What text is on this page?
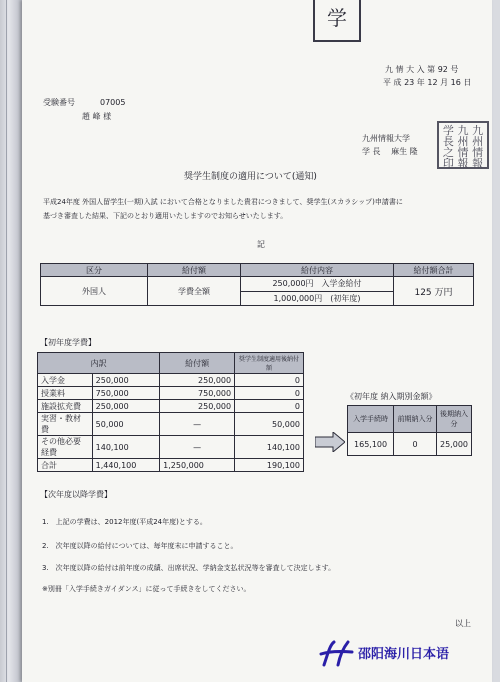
学
九 情 大 入 第 92 号
平 成 23 年 12 月 16 日
受験番号	07005
趙 峰 様
九州情報大学
学 長　 麻生 隆
学 九 九
長 州 州
之 情 情
印 報 報
奨学生制度の適用について(通知)
平成24年度 外国人留学生(一期)入試 において合格となりました貴君につきまして、奨学生(スカラシップ)申請書に
基づき審査した結果、下記のとおり適用いたしますのでお知らせいたします。
記
区分	給付額	給付内容	給付額合計
外国人	学費全額	250,000円　入学金給付	125 万円
		1,000,000円　(初年度)	
【初年度学費】
内訳		給付額	奨学生制度適用後納付額
入学金	250,000	250,000	0
授業料	750,000	750,000	0
施設拡充費	250,000	250,000	0
実習・教材費	50,000	—	50,000
その他必要経費	140,100	—	140,100
合計	1,440,100	1,250,000	190,100
《初年度 納入期別金額》
入学手続時	前期納入分	後期納入分
165,100	0	25,000
【次年度以降学費】
1.　上記の学費は、2012年度(平成24年度)とする。
2.　次年度以降の給付については、毎年度末に申請すること。
3.　次年度以降の給付は前年度の成績、出席状況、学納金支払状況等を審査して決定します。
※別冊「入学手続きガイダンス」に従って手続きをしてください。
以上
邵阳海川日本语
